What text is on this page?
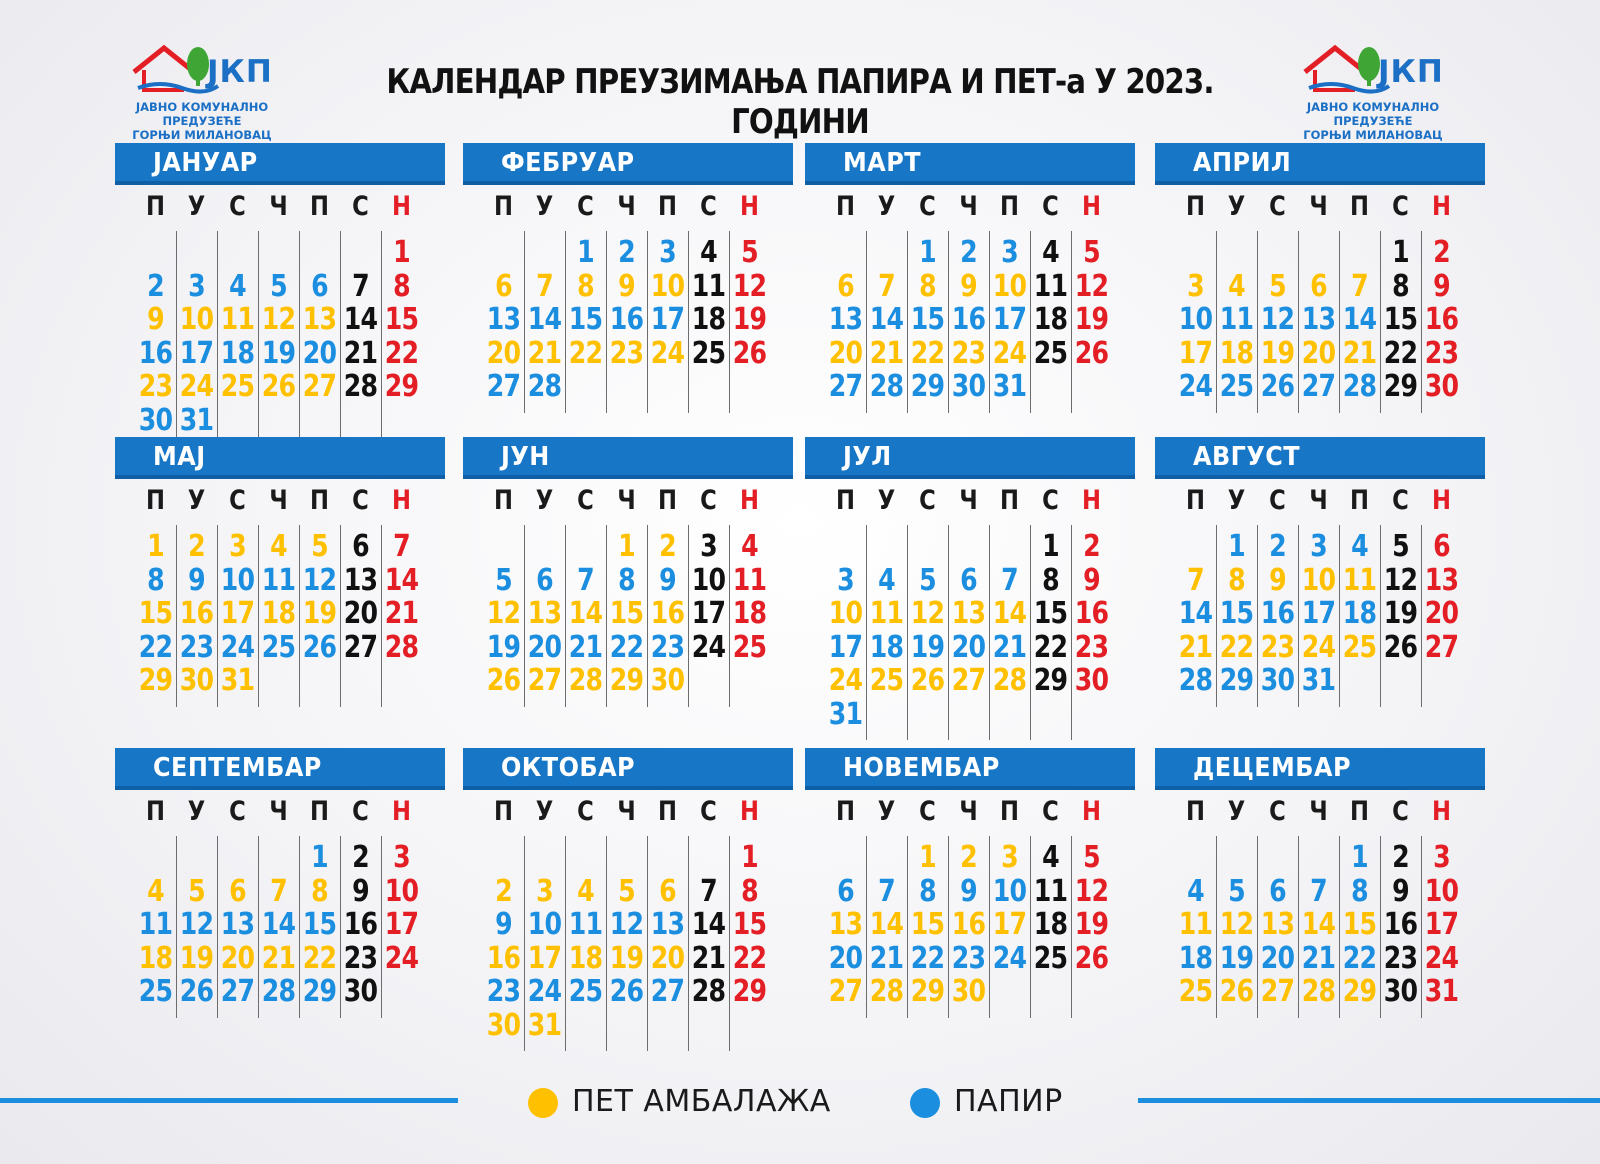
КАЛЕНДАР ПРЕУЗИМАЊА ПАПИРА И ПЕТ-а У 2023. ГОДИНИ
ЈКП
ЈАВНО КОМУНАЛНО ПРЕДУЗЕЋЕ
ГОРЊИ МИЛАНОВАЦ
ЈКП
ЈАВНО КОМУНАЛНО ПРЕДУЗЕЋЕ
ГОРЊИ МИЛАНОВАЦ
ЈАНУАР
П У С Ч П С Н
1
2 3 4 5 6 7 8
9 10 11 12 13 14 15
16 17 18 19 20 21 22
23 24 25 26 27 28 29
30 31
ФЕБРУАР
П У С Ч П С Н
1 2 3 4 5
6 7 8 9 10 11 12
13 14 15 16 17 18 19
20 21 22 23 24 25 26
27 28
МАРТ
П У С Ч П С Н
1 2 3 4 5
6 7 8 9 10 11 12
13 14 15 16 17 18 19
20 21 22 23 24 25 26
27 28 29 30 31
АПРИЛ
П У С Ч П С Н
1 2
3 4 5 6 7 8 9
10 11 12 13 14 15 16
17 18 19 20 21 22 23
24 25 26 27 28 29 30
МАЈ
П У С Ч П С Н
1 2 3 4 5 6 7
8 9 10 11 12 13 14
15 16 17 18 19 20 21
22 23 24 25 26 27 28
29 30 31
ЈУН
П У С Ч П С Н
1 2 3 4
5 6 7 8 9 10 11
12 13 14 15 16 17 18
19 20 21 22 23 24 25
26 27 28 29 30
ЈУЛ
П У С Ч П С Н
1 2
3 4 5 6 7 8 9
10 11 12 13 14 15 16
17 18 19 20 21 22 23
24 25 26 27 28 29 30
31
АВГУСТ
П У С Ч П С Н
1 2 3 4 5 6
7 8 9 10 11 12 13
14 15 16 17 18 19 20
21 22 23 24 25 26 27
28 29 30 31
СЕПТЕМБАР
П У С Ч П С Н
1 2 3
4 5 6 7 8 9 10
11 12 13 14 15 16 17
18 19 20 21 22 23 24
25 26 27 28 29 30
ОКТОБАР
П У С Ч П С Н
1
2 3 4 5 6 7 8
9 10 11 12 13 14 15
16 17 18 19 20 21 22
23 24 25 26 27 28 29
30 31
НОВЕМБАР
П У С Ч П С Н
1 2 3 4 5
6 7 8 9 10 11 12
13 14 15 16 17 18 19
20 21 22 23 24 25 26
27 28 29 30
ДЕЦЕМБАР
П У С Ч П С Н
1 2 3
4 5 6 7 8 9 10
11 12 13 14 15 16 17
18 19 20 21 22 23 24
25 26 27 28 29 30 31
ПЕТ АМБАЛАЖА	ПАПИР
